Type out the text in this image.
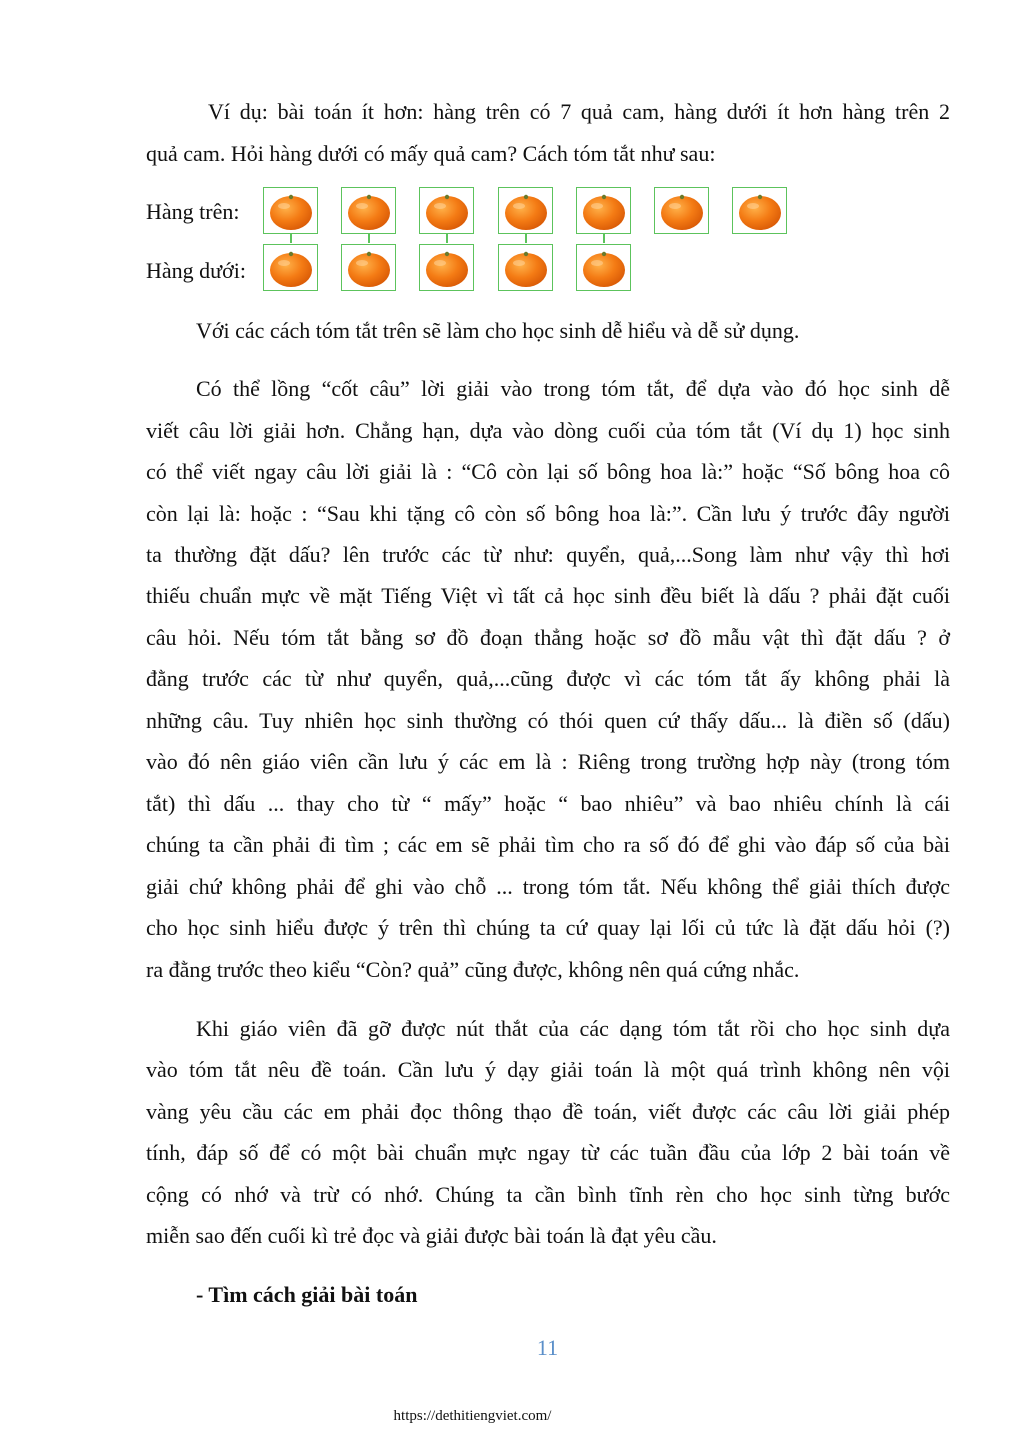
Ví dụ: bài toán ít hơn: hàng trên có 7 quả cam, hàng dưới ít hơn hàng trên 2
quả cam. Hỏi hàng dưới có mấy quả cam? Cách tóm tắt như sau:
Hàng trên:
Hàng dưới:
Với các cách tóm tắt trên sẽ làm cho học sinh dễ hiểu và dễ sử dụng.
Có thể lồng “cốt câu” lời giải vào trong tóm tắt, để dựa vào đó học sinh dễ
viết câu lời giải hơn. Chẳng hạn, dựa vào dòng cuối của tóm tắt (Ví dụ 1) học sinh
có thể viết ngay câu lời giải là : “Cô còn lại số bông hoa là:” hoặc “Số bông hoa cô
còn lại là: hoặc : “Sau khi tặng cô còn số bông hoa là:”. Cần lưu ý trước đây người
ta thường đặt dấu? lên trước các từ như: quyển, quả,...Song làm như vậy thì hơi
thiếu chuẩn mực về mặt Tiếng Việt vì tất cả học sinh đều biết là dấu ? phải đặt cuối
câu hỏi. Nếu tóm tắt bằng sơ đồ đoạn thẳng hoặc sơ đồ mẫu vật thì đặt dấu ? ở
đằng trước các từ như quyển, quả,...cũng được vì các tóm tắt ấy không phải là
những câu. Tuy nhiên học sinh thường có thói quen cứ thấy dấu... là điền số (dấu)
vào đó nên giáo viên cần lưu ý các em là : Riêng trong trường hợp này (trong tóm
tắt) thì dấu ... thay cho từ “ mấy” hoặc “ bao nhiêu” và bao nhiêu chính là cái
chúng ta cần phải đi tìm ; các em sẽ phải tìm cho ra số đó để ghi vào đáp số của bài
giải chứ không phải để ghi vào chỗ ... trong tóm tắt. Nếu không thể giải thích được
cho học sinh hiểu được ý trên thì chúng ta cứ quay lại lối củ tức là đặt dấu hỏi (?)
ra đằng trước theo kiểu “Còn? quả” cũng được, không nên quá cứng nhắc.
Khi giáo viên đã gỡ được nút thắt của các dạng tóm tắt rồi cho học sinh dựa
vào tóm tắt nêu đề toán. Cần lưu ý dạy giải toán là một quá trình không nên vội
vàng yêu cầu các em phải đọc thông thạo đề toán, viết được các câu lời giải phép
tính, đáp số để có một bài chuẩn mực ngay từ các tuần đầu của lớp 2 bài toán về
cộng có nhớ và trừ có nhớ. Chúng ta cần bình tĩnh rèn cho học sinh từng bước
miễn sao đến cuối kì trẻ đọc và giải được bài toán là đạt yêu cầu.
- Tìm cách giải bài toán
11
https://dethitiengviet.com/
